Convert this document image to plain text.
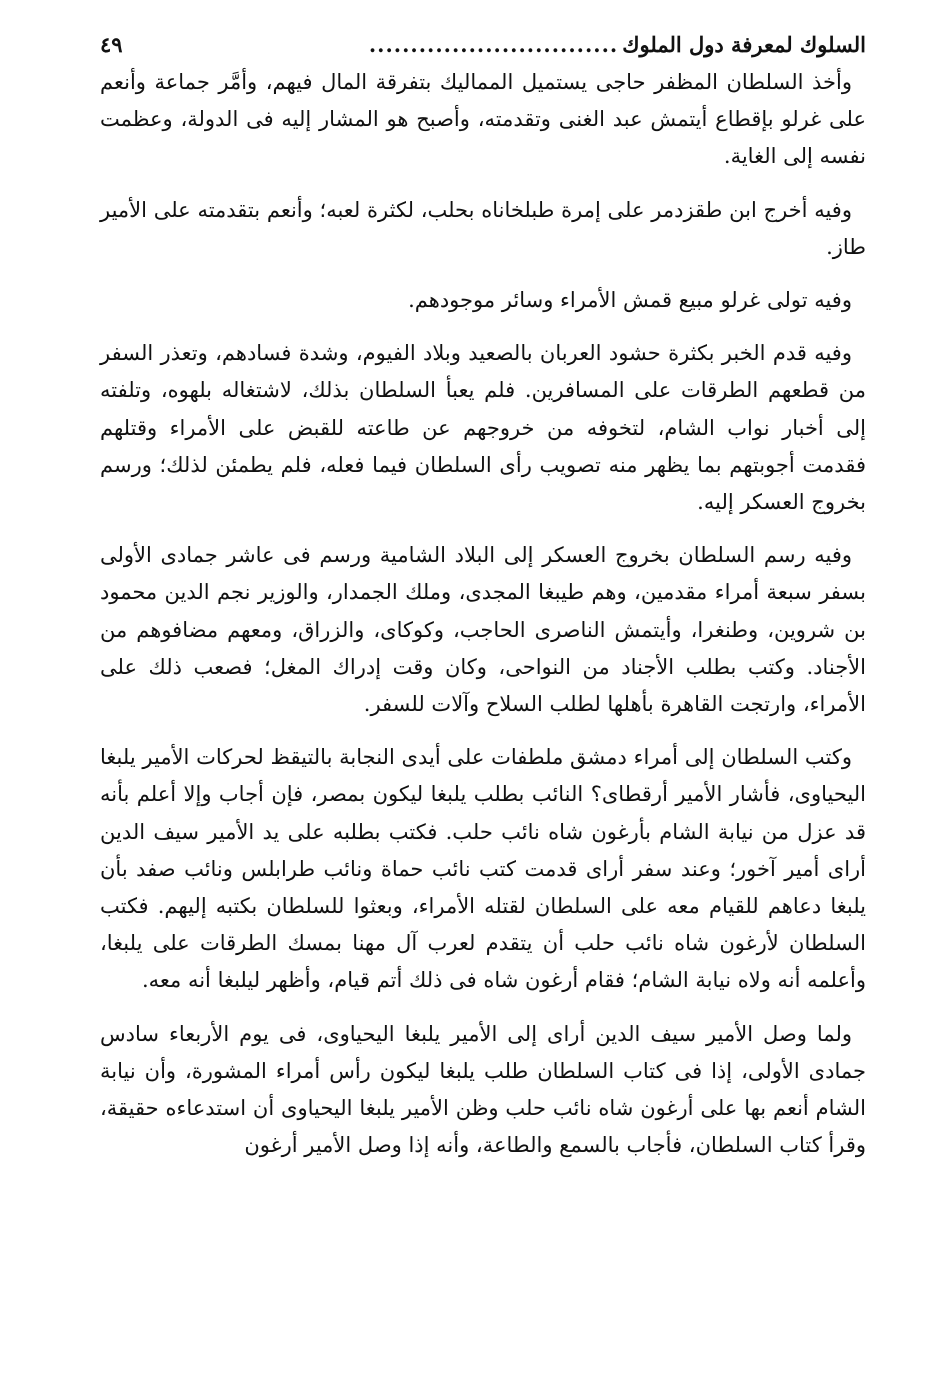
السلوك لمعرفة دول الملوك
..............................
٤٩

وأخذ السلطان المظفر حاجى يستميل المماليك بتفرقة المال فيهم، وأمَّر جماعة وأنعم على غرلو بإقطاع أيتمش عبد الغنى وتقدمته، وأصبح هو المشار إليه فى الدولة، وعظمت نفسه إلى الغاية.

وفيه أخرج ابن طقزدمر على إمرة طبلخاناه بحلب، لكثرة لعبه؛ وأنعم بتقدمته على الأمير طاز.

وفيه تولى غرلو مبيع قمش الأمراء وسائر موجودهم.

وفيه قدم الخبر بكثرة حشود العربان بالصعيد وبلاد الفيوم، وشدة فسادهم، وتعذر السفر من قطعهم الطرقات على المسافرين. فلم يعبأ السلطان بذلك، لاشتغاله بلهوه، وتلفته إلى أخبار نواب الشام، لتخوفه من خروجهم عن طاعته للقبض على الأمراء وقتلهم فقدمت أجوبتهم بما يظهر منه تصويب رأى السلطان فيما فعله، فلم يطمئن لذلك؛ ورسم بخروج العسكر إليه.

وفيه رسم السلطان بخروج العسكر إلى البلاد الشامية ورسم فى عاشر جمادى الأولى بسفر سبعة أمراء مقدمين، وهم طيبغا المجدى، وملك الجمدار، والوزير نجم الدين محمود بن شروين، وطنغرا، وأيتمش الناصرى الحاجب، وكوكاى، والزراق، ومعهم مضافوهم من الأجناد. وكتب بطلب الأجناد من النواحى، وكان وقت إدراك المغل؛ فصعب ذلك على الأمراء، وارتجت القاهرة بأهلها لطلب السلاح وآلات للسفر.

وكتب السلطان إلى أمراء دمشق ملطفات على أيدى النجابة بالتيقظ لحركات الأمير يلبغا اليحياوى، فأشار الأمير أرقطاى؟ النائب بطلب يلبغا ليكون بمصر، فإن أجاب وإلا أعلم بأنه قد عزل من نيابة الشام بأرغون شاه نائب حلب. فكتب بطلبه على يد الأمير سيف الدين أراى أمير آخور؛ وعند سفر أراى قدمت كتب نائب حماة ونائب طرابلس ونائب صفد بأن يلبغا دعاهم للقيام معه على السلطان لقتله الأمراء، وبعثوا للسلطان بكتبه إليهم. فكتب السلطان لأرغون شاه نائب حلب أن يتقدم لعرب آل مهنا بمسك الطرقات على يلبغا، وأعلمه أنه ولاه نيابة الشام؛ فقام أرغون شاه فى ذلك أتم قيام، وأظهر ليلبغا أنه معه.

ولما وصل الأمير سيف الدين أراى إلى الأمير يلبغا اليحياوى، فى يوم الأربعاء سادس جمادى الأولى، إذا فى كتاب السلطان طلب يلبغا ليكون رأس أمراء المشورة، وأن نيابة الشام أنعم بها على أرغون شاه نائب حلب وظن الأمير يلبغا اليحياوى أن استدعاءه حقيقة، وقرأ كتاب السلطان، فأجاب بالسمع والطاعة، وأنه إذا وصل الأمير أرغون
